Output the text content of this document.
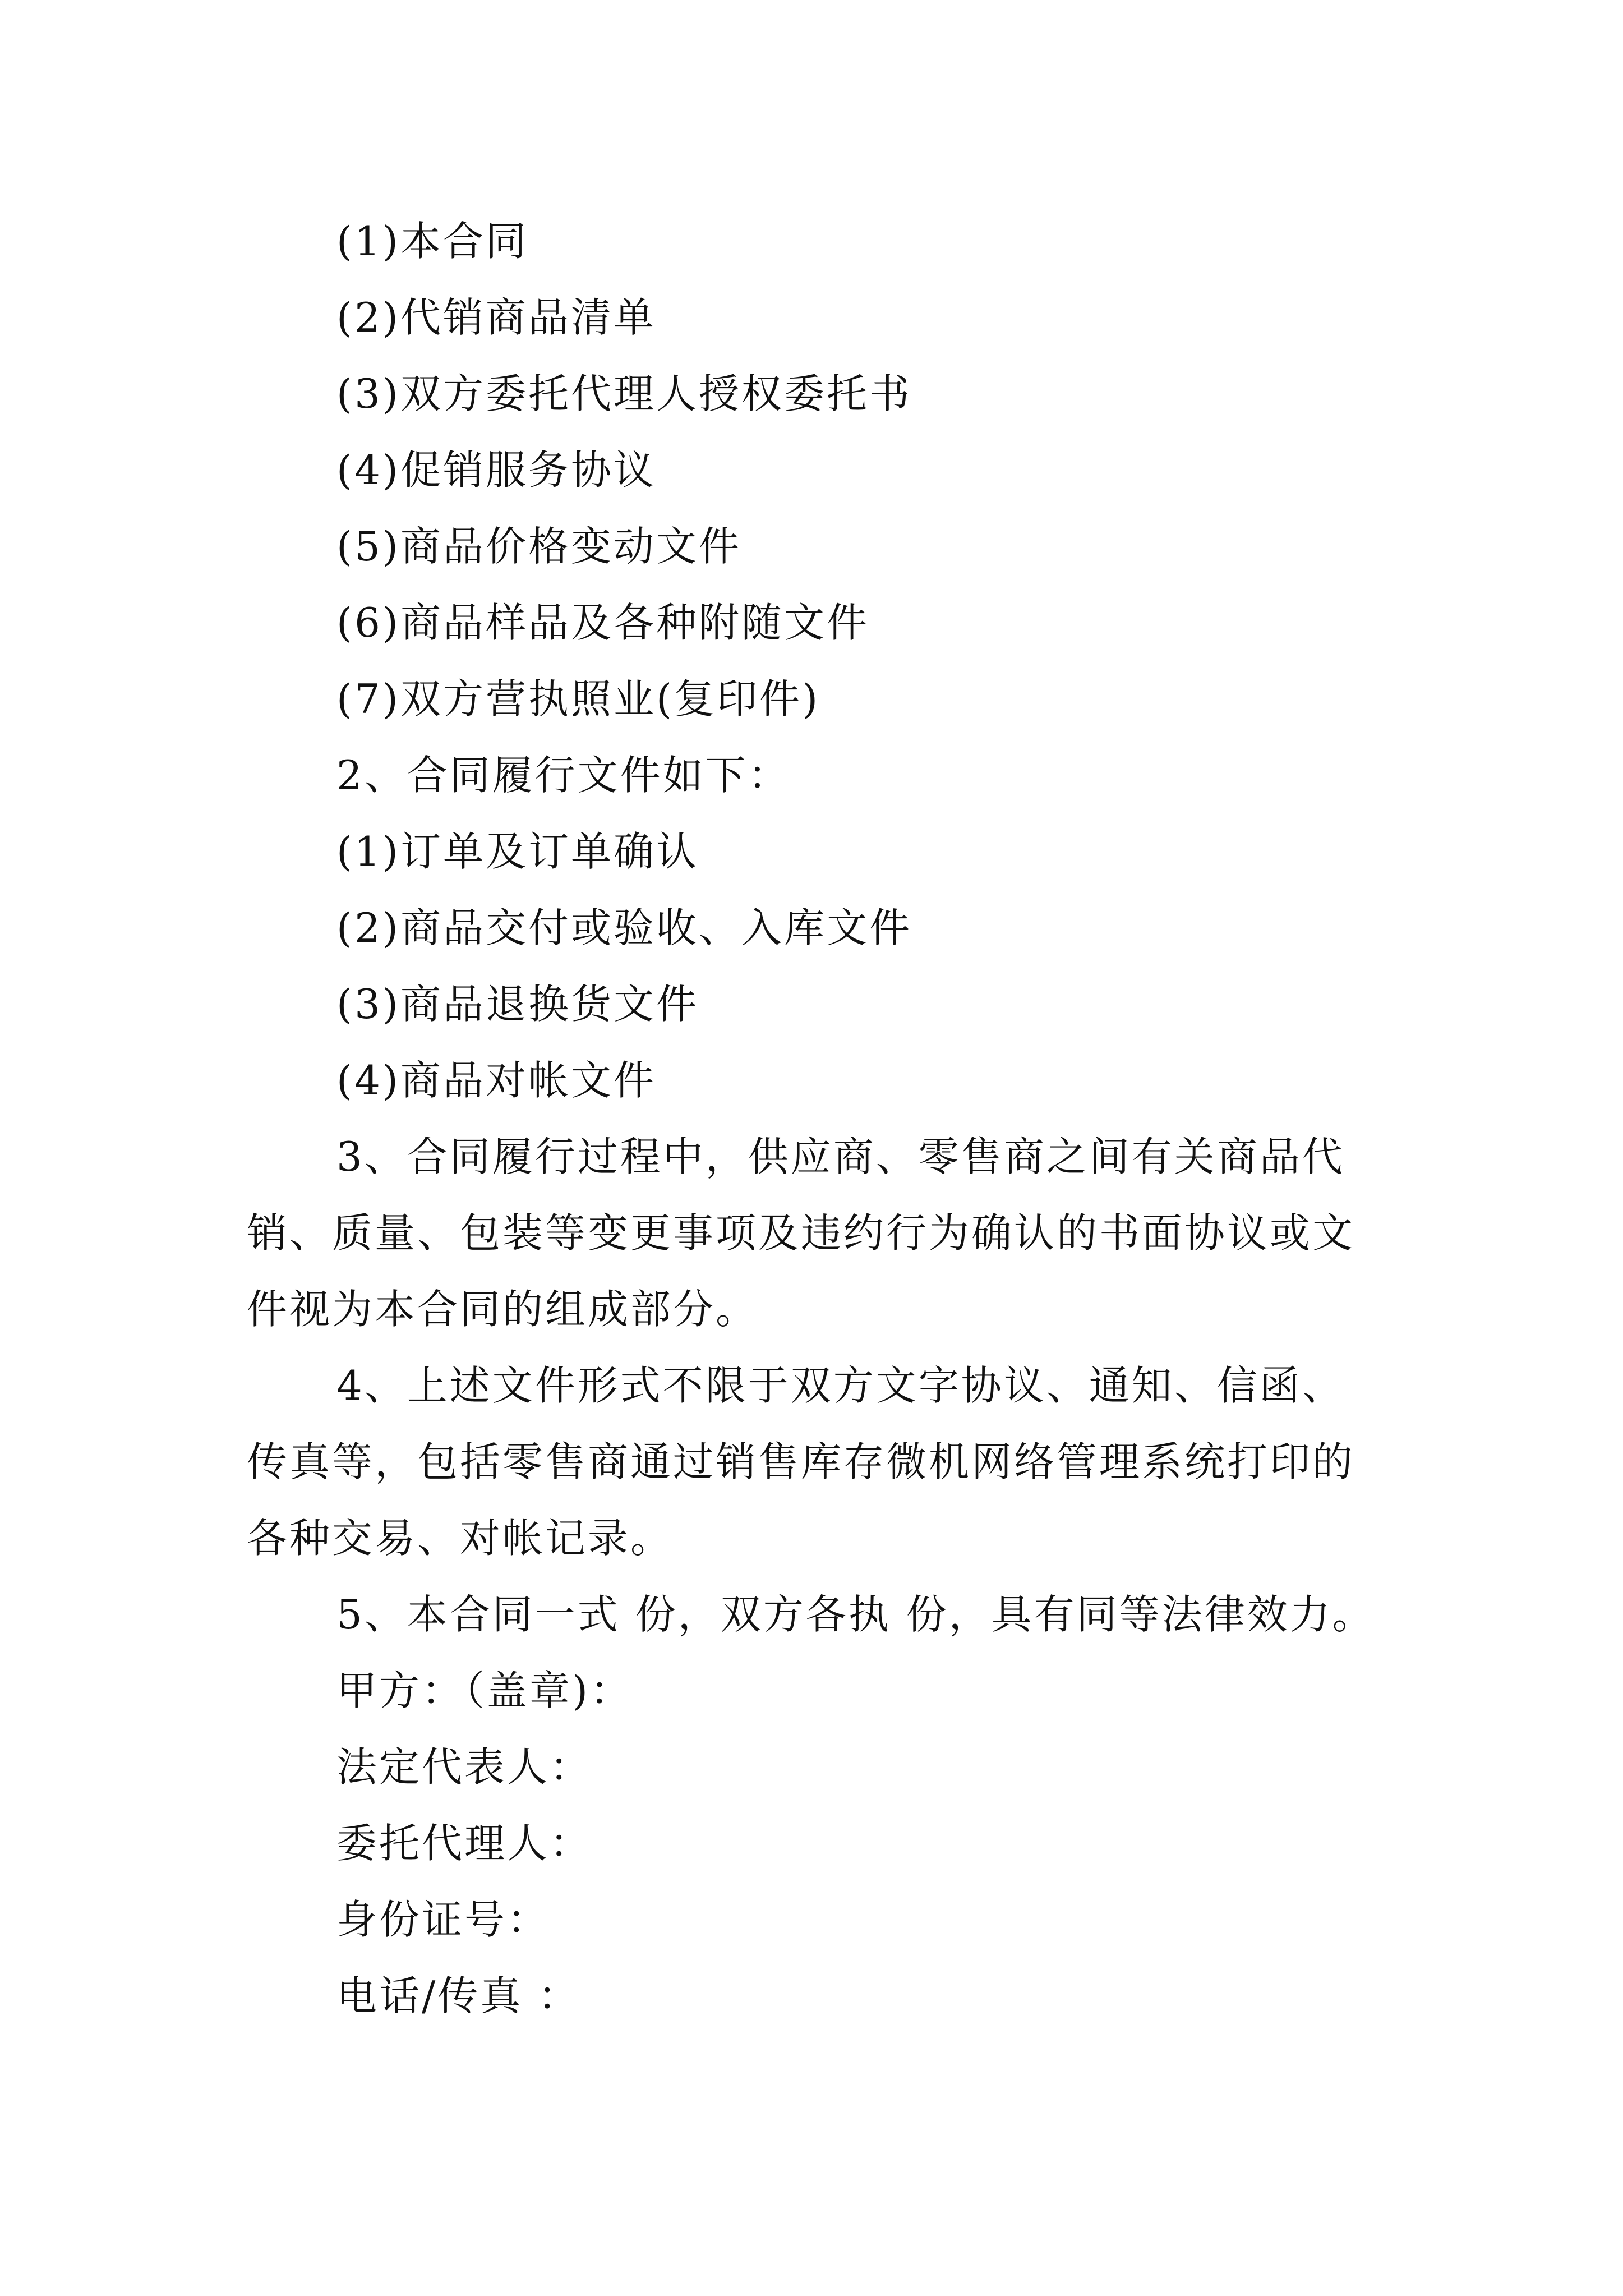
(1)本合同
(2)代销商品清单
(3)双方委托代理人授权委托书
(4)促销服务协议
(5)商品价格变动文件
(6)商品样品及各种附随文件
(7)双方营执照业(复印件)
2、合同履行文件如下：
(1)订单及订单确认
(2)商品交付或验收、入库文件
(3)商品退换货文件
(4)商品对帐文件
3、合同履行过程中，供应商、零售商之间有关商品代
销、质量、包装等变更事项及违约行为确认的书面协议或文
件视为本合同的组成部分。
4、上述文件形式不限于双方文字协议、通知、信函、
传真等，包括零售商通过销售库存微机网络管理系统打印的
各种交易、对帐记录。
5、本合同一式 份，双方各执 份，具有同等法律效力。
甲方：（盖章)：
法定代表人：
委托代理人：
身份证号：
电话/传真 ：
